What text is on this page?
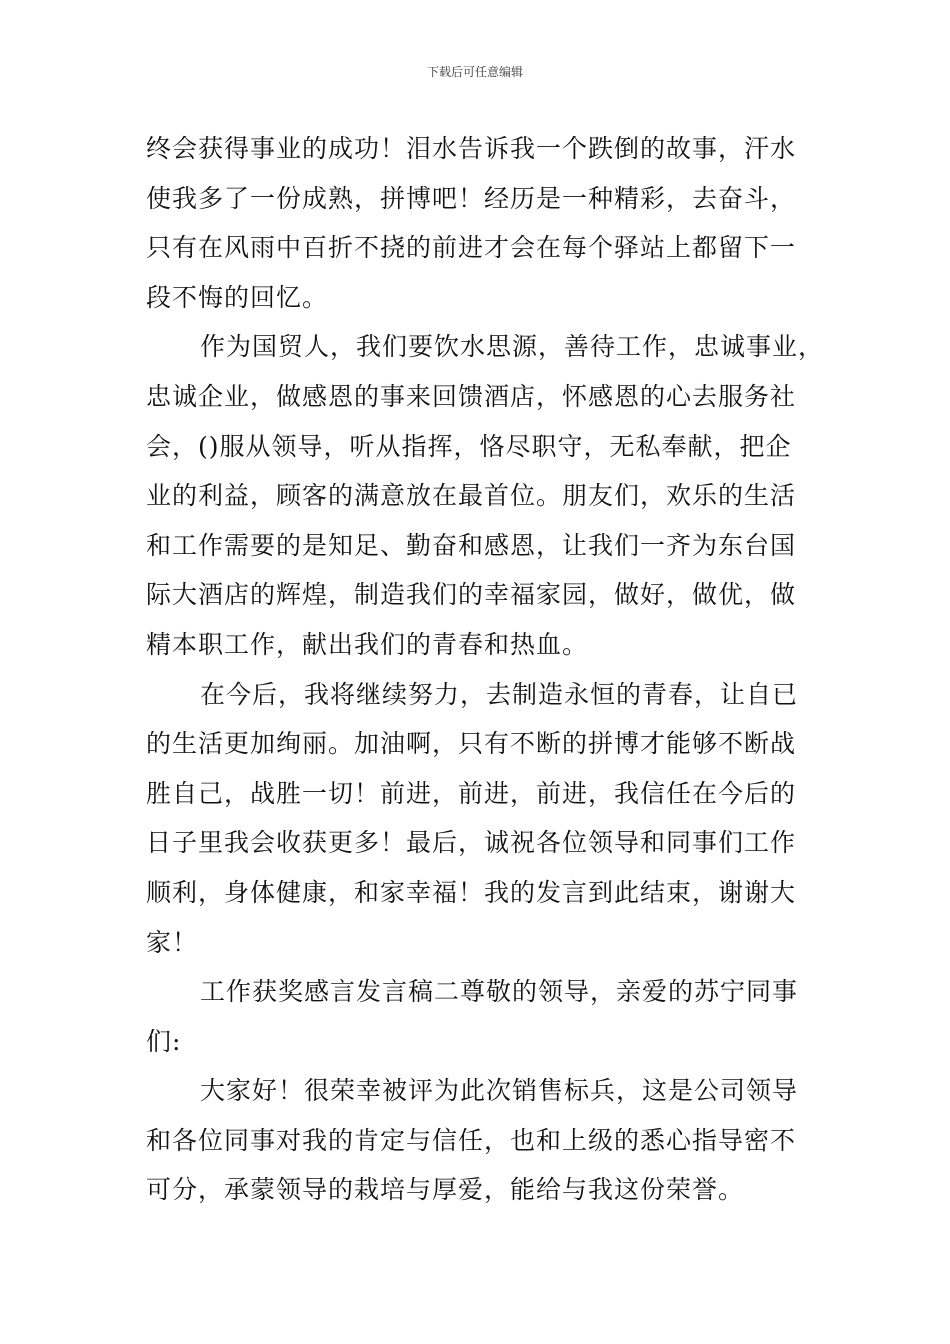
下载后可任意编辑
终会获得事业的成功！泪水告诉我一个跌倒的故事，汗水
使我多了一份成熟，拼博吧！经历是一种精彩，去奋斗，
只有在风雨中百折不挠的前进才会在每个驿站上都留下一
段不悔的回忆。
作为国贸人，我们要饮水思源，善待工作，忠诚事业，
忠诚企业，做感恩的事来回馈酒店，怀感恩的心去服务社
会，()服从领导，听从指挥，恪尽职守，无私奉献，把企
业的利益，顾客的满意放在最首位。朋友们，欢乐的生活
和工作需要的是知足、勤奋和感恩，让我们一齐为东台国
际大酒店的辉煌，制造我们的幸福家园，做好，做优，做
精本职工作，献出我们的青春和热血。
在今后，我将继续努力，去制造永恒的青春，让自已
的生活更加绚丽。加油啊，只有不断的拼博才能够不断战
胜自己，战胜一切！前进，前进，前进，我信任在今后的
日子里我会收获更多！最后，诚祝各位领导和同事们工作
顺利，身体健康，和家幸福！我的发言到此结束，谢谢大
家！
工作获奖感言发言稿二尊敬的领导，亲爱的苏宁同事
们:
大家好！很荣幸被评为此次销售标兵，这是公司领导
和各位同事对我的肯定与信任，也和上级的悉心指导密不
可分，承蒙领导的栽培与厚爱，能给与我这份荣誉。
